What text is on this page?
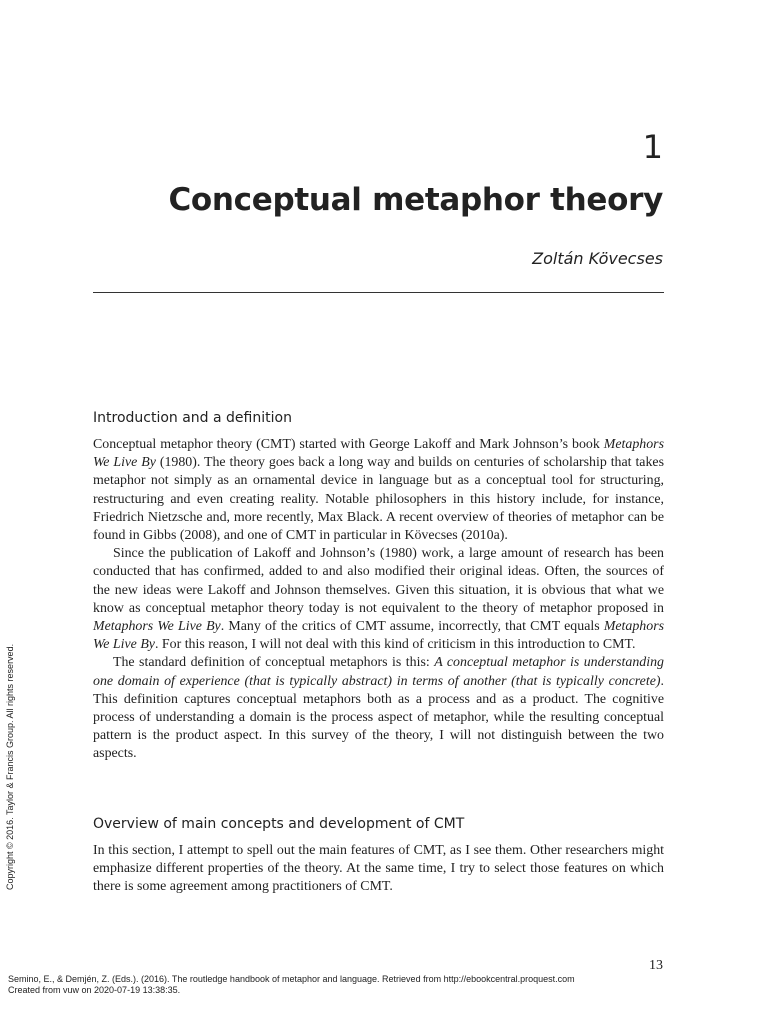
1
Conceptual metaphor theory
Zoltán Kövecses
Introduction and a definition

Conceptual metaphor theory (CMT) started with George Lakoff and Mark Johnson’s book Metaphors We Live By (1980). The theory goes back a long way and builds on centuries of scholarship that takes metaphor not simply as an ornamental device in language but as a conceptual tool for structuring, restructuring and even creating reality. Notable philosophers in this history include, for instance, Friedrich Nietzsche and, more recently, Max Black. A recent overview of theories of metaphor can be found in Gibbs (2008), and one of CMT in particular in Kövecses (2010a).

Since the publication of Lakoff and Johnson’s (1980) work, a large amount of research has been conducted that has confirmed, added to and also modified their original ideas. Often, the sources of the new ideas were Lakoff and Johnson themselves. Given this situation, it is obvious that what we know as conceptual metaphor theory today is not equivalent to the theory of metaphor proposed in Metaphors We Live By. Many of the critics of CMT assume, incorrectly, that CMT equals Metaphors We Live By. For this reason, I will not deal with this kind of criticism in this introduction to CMT.

The standard definition of conceptual metaphors is this: A conceptual metaphor is understanding one domain of experience (that is typically abstract) in terms of another (that is typically concrete). This definition captures conceptual metaphors both as a process and as a product. The cognitive process of understanding a domain is the process aspect of metaphor, while the resulting conceptual pattern is the product aspect. In this survey of the theory, I will not distinguish between the two aspects.

Overview of main concepts and development of CMT

In this section, I attempt to spell out the main features of CMT, as I see them. Other researchers might emphasize different properties of the theory. At the same time, I try to select those features on which there is some agreement among practitioners of CMT.

Copyright © 2016. Taylor & Francis Group. All rights reserved.
13
Semino, E., & Demjén, Z. (Eds.). (2016). The routledge handbook of metaphor and language. Retrieved from http://ebookcentral.proquest.com
Created from vuw on 2020-07-19 13:38:35.
